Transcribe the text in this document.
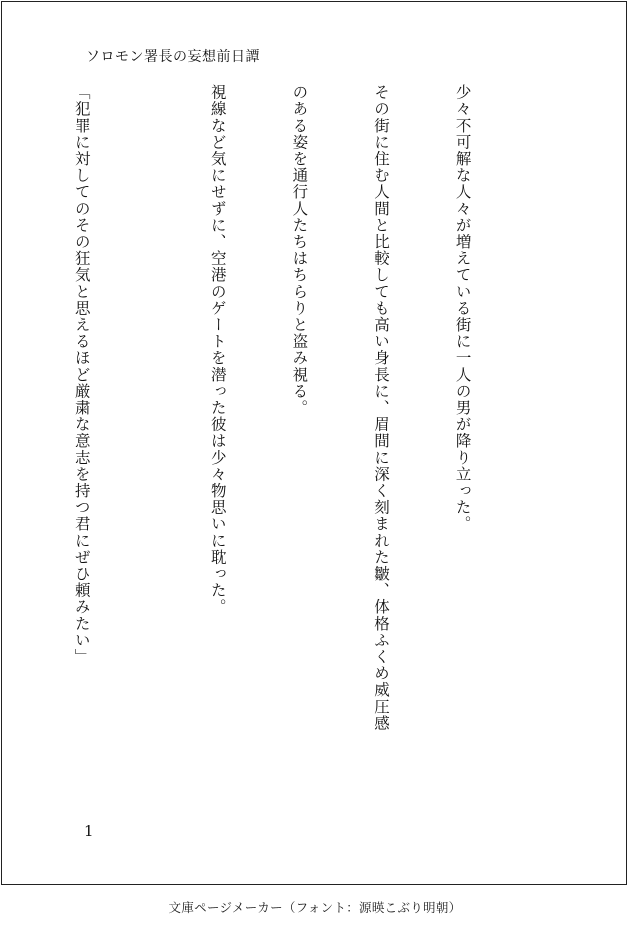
ソロモン署長の妄想前日譚

少々不可解な人々が増えている街に一人の男が降り立った。

その街に住む人間と比較しても高い身長に、眉間に深く刻まれた皺、体格ふくめ威圧感

のある姿を通行人たちはちらりと盗み視る。

視線など気にせずに、空港のゲートを潜った彼は少々物思いに耽った。

「犯罪に対してのその狂気と思えるほど厳粛な意志を持つ君にぜひ頼みたい」

1
文庫ページメーカー（フォント：源暎こぶり明朝）
